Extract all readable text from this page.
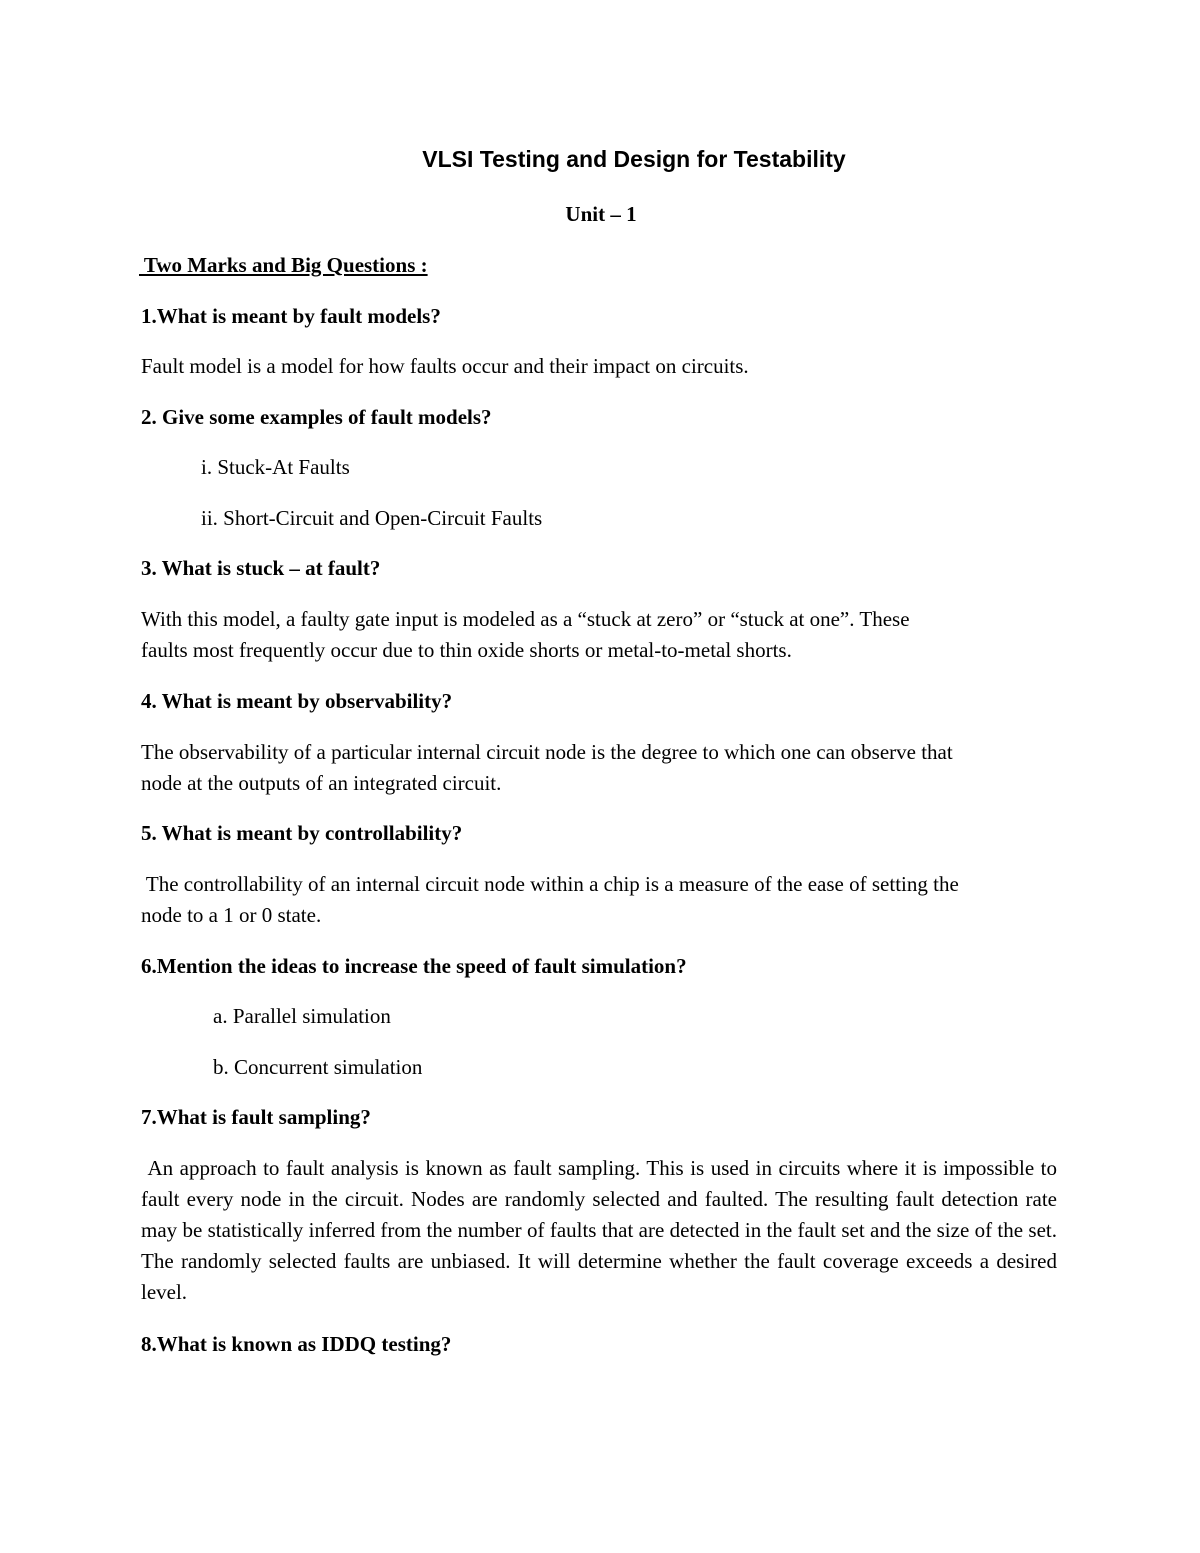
VLSI Testing and Design for Testability
Unit – 1
Two Marks and Big Questions :
1.What is meant by fault models?
Fault model is a model for how faults occur and their impact on circuits.
2. Give some examples of fault models?
i. Stuck-At Faults
ii. Short-Circuit and Open-Circuit Faults
3. What is stuck – at fault?
With this model, a faulty gate input is modeled as a “stuck at zero” or “stuck at one”. These
faults most frequently occur due to thin oxide shorts or metal-to-metal shorts.
4. What is meant by observability?
The observability of a particular internal circuit node is the degree to which one can observe that
node at the outputs of an integrated circuit.
5. What is meant by controllability?
The controllability of an internal circuit node within a chip is a measure of the ease of setting the
node to a 1 or 0 state.
6.Mention the ideas to increase the speed of fault simulation?
a. Parallel simulation
b. Concurrent simulation
7.What is fault sampling?
An approach to fault analysis is known as fault sampling. This is used in circuits where it is impossible to fault every node in the circuit. Nodes are randomly selected and faulted. The resulting fault detection rate may be statistically inferred from the number of faults that are detected in the fault set and the size of the set. The randomly selected faults are unbiased. It will determine whether the fault coverage exceeds a desired level.
8.What is known as IDDQ testing?
